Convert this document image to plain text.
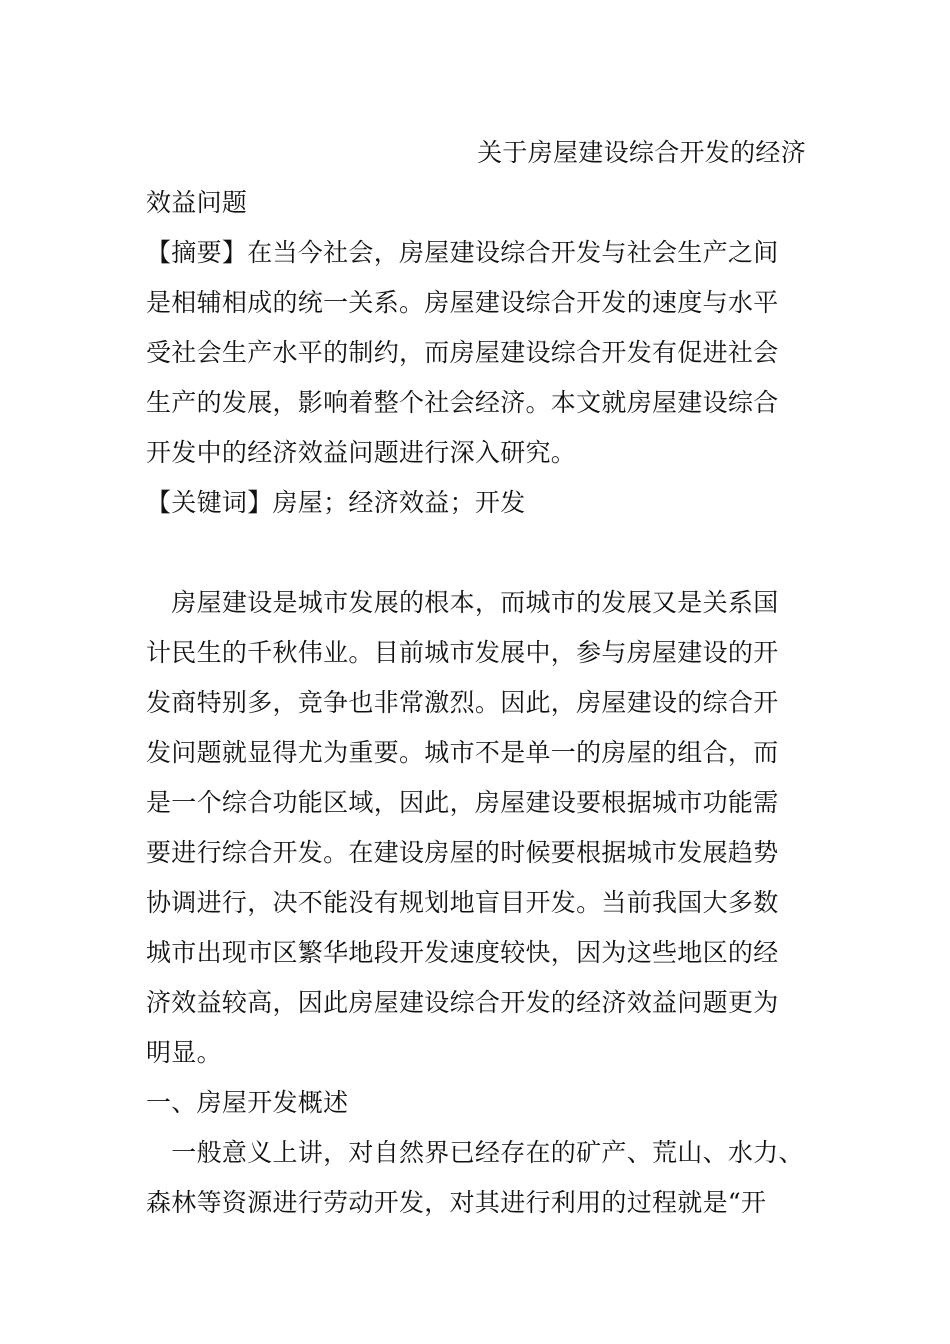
关于房屋建设综合开发的经济
效益问题
【摘要】在当今社会，房屋建设综合开发与社会生产之间
是相辅相成的统一关系。房屋建设综合开发的速度与水平
受社会生产水平的制约，而房屋建设综合开发有促进社会
生产的发展，影响着整个社会经济。本文就房屋建设综合
开发中的经济效益问题进行深入研究。
【关键词】房屋；经济效益；开发
　房屋建设是城市发展的根本，而城市的发展又是关系国
计民生的千秋伟业。目前城市发展中，参与房屋建设的开
发商特别多，竞争也非常激烈。因此，房屋建设的综合开
发问题就显得尤为重要。城市不是单一的房屋的组合，而
是一个综合功能区域，因此，房屋建设要根据城市功能需
要进行综合开发。在建设房屋的时候要根据城市发展趋势
协调进行，决不能没有规划地盲目开发。当前我国大多数
城市出现市区繁华地段开发速度较快，因为这些地区的经
济效益较高，因此房屋建设综合开发的经济效益问题更为
明显。
一、房屋开发概述
　一般意义上讲，对自然界已经存在的矿产、荒山、水力、
森林等资源进行劳动开发，对其进行利用的过程就是“开
